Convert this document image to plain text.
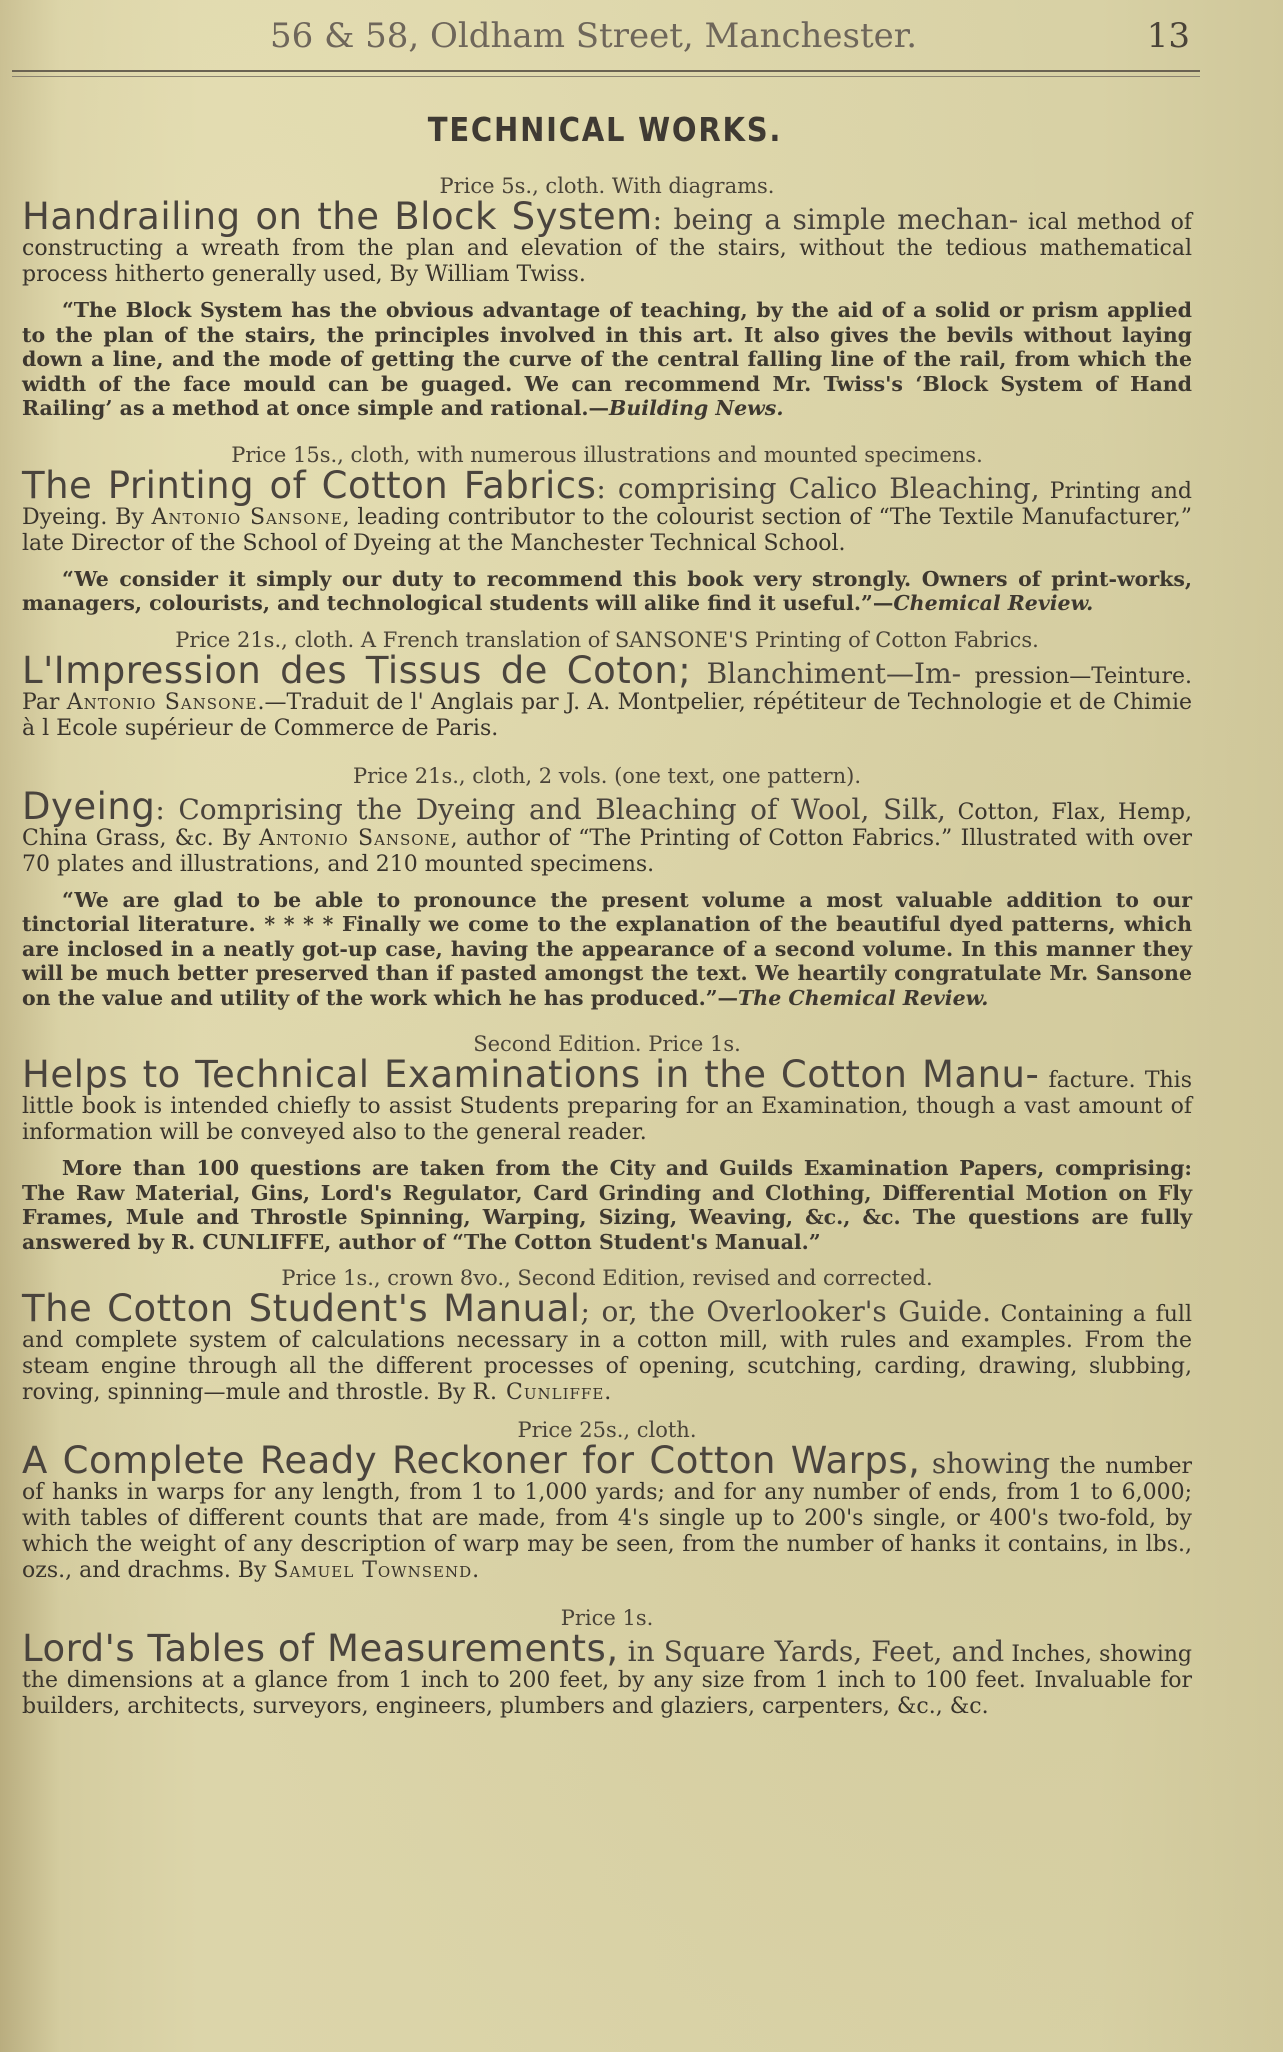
56 & 58, Oldham Street, Manchester.	13
TECHNICAL WORKS.

Price 5s., cloth. With diagrams.

Handrailing on the Block System: being a simple mechan- ical method of constructing a wreath from the plan and elevation of the stairs, without the tedious mathematical process hitherto generally used, By William Twiss.

“The Block System has the obvious advantage of teaching, by the aid of a solid or prism applied to the plan of the stairs, the principles involved in this art. It also gives the bevils without laying down a line, and the mode of getting the curve of the central falling line of the rail, from which the width of the face mould can be guaged. We can recommend Mr. Twiss's ‘Block System of Hand Railing’ as a method at once simple and rational.—Building News.

Price 15s., cloth, with numerous illustrations and mounted specimens.

The Printing of Cotton Fabrics: comprising Calico Bleaching, Printing and Dyeing. By Antonio Sansone, leading contributor to the colourist section of “The Textile Manufacturer,” late Director of the School of Dyeing at the Manchester Technical School.

“We consider it simply our duty to recommend this book very strongly. Owners of print-works, managers, colourists, and technological students will alike find it useful.”—Chemical Review.

Price 21s., cloth. A French translation of SANSONE'S Printing of Cotton Fabrics.

L'Impression des Tissus de Coton; Blanchiment—Im- pression—Teinture. Par Antonio Sansone.—Traduit de l' Anglais par J. A. Montpelier, répétiteur de Technologie et de Chimie à l Ecole supérieur de Commerce de Paris.

Price 21s., cloth, 2 vols. (one text, one pattern).

Dyeing: Comprising the Dyeing and Bleaching of Wool, Silk, Cotton, Flax, Hemp, China Grass, &c. By Antonio Sansone, author of “The Printing of Cotton Fabrics.” Illustrated with over 70 plates and illustrations, and 210 mounted specimens.

“We are glad to be able to pronounce the present volume a most valuable addition to our tinctorial literature. * * * * Finally we come to the explanation of the beautiful dyed patterns, which are inclosed in a neatly got-up case, having the appearance of a second volume. In this manner they will be much better preserved than if pasted amongst the text. We heartily congratulate Mr. Sansone on the value and utility of the work which he has produced.”—The Chemical Review.

Second Edition. Price 1s.

Helps to Technical Examinations in the Cotton Manu- facture. This little book is intended chiefly to assist Students preparing for an Examination, though a vast amount of information will be conveyed also to the general reader.

More than 100 questions are taken from the City and Guilds Examination Papers, comprising: The Raw Material, Gins, Lord's Regulator, Card Grinding and Clothing, Differential Motion on Fly Frames, Mule and Throstle Spinning, Warping, Sizing, Weaving, &c., &c. The questions are fully answered by R. CUNLIFFE, author of “The Cotton Student's Manual.”

Price 1s., crown 8vo., Second Edition, revised and corrected.

The Cotton Student's Manual; or, the Overlooker's Guide. Containing a full and complete system of calculations necessary in a cotton mill, with rules and examples. From the steam engine through all the different processes of opening, scutching, carding, drawing, slubbing, roving, spinning—mule and throstle. By R. Cunliffe.

Price 25s., cloth.

A Complete Ready Reckoner for Cotton Warps, showing the number of hanks in warps for any length, from 1 to 1,000 yards; and for any number of ends, from 1 to 6,000; with tables of different counts that are made, from 4's single up to 200's single, or 400's two-fold, by which the weight of any description of warp may be seen, from the number of hanks it contains, in lbs., ozs., and drachms. By Samuel Townsend.

Price 1s.

Lord's Tables of Measurements, in Square Yards, Feet, and Inches, showing the dimensions at a glance from 1 inch to 200 feet, by any size from 1 inch to 100 feet. Invaluable for builders, architects, surveyors, engineers, plumbers and glaziers, carpenters, &c., &c.
